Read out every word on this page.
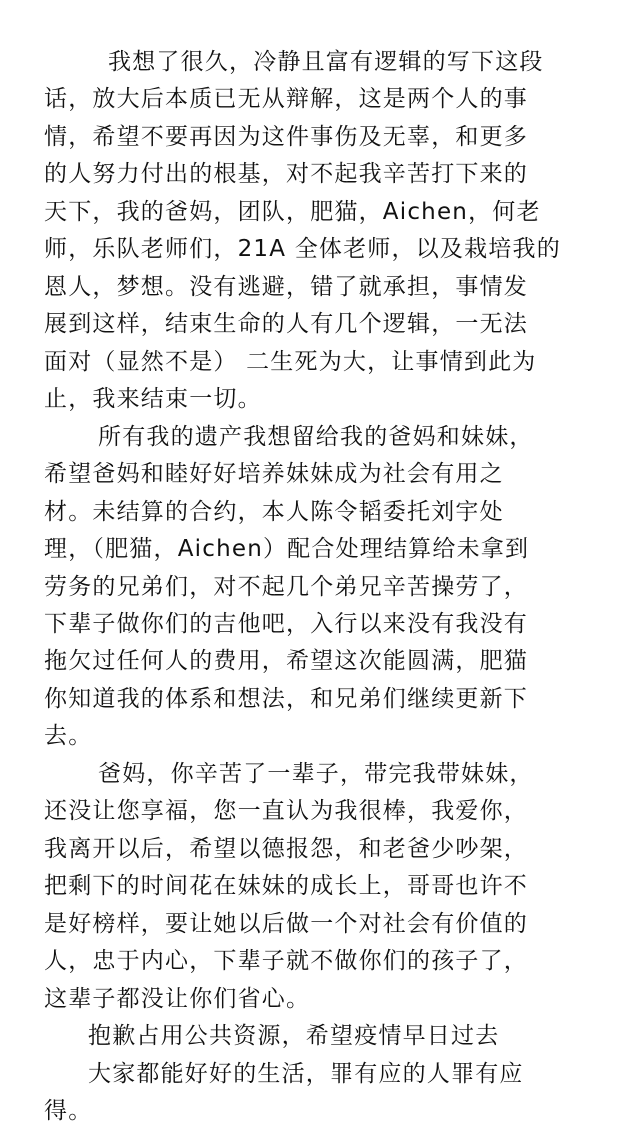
我想了很久，冷静且富有逻辑的写下这段
话，放大后本质已无从辩解，这是两个人的事
情，希望不要再因为这件事伤及无辜，和更多
的人努力付出的根基，对不起我辛苦打下来的
天下，我的爸妈，团队，肥猫，Aichen，何老
师，乐队老师们，21A 全体老师，以及栽培我的
恩人，梦想。没有逃避，错了就承担，事情发
展到这样，结束生命的人有几个逻辑，一无法
面对（显然不是） 二生死为大，让事情到此为
止，我来结束一切。
所有我的遗产我想留给我的爸妈和妹妹，
希望爸妈和睦好好培养妹妹成为社会有用之
材。未结算的合约，本人陈令韬委托刘宇处
理，（肥猫，Aichen）配合处理结算给未拿到
劳务的兄弟们，对不起几个弟兄辛苦操劳了，
下辈子做你们的吉他吧，入行以来没有我没有
拖欠过任何人的费用，希望这次能圆满，肥猫
你知道我的体系和想法，和兄弟们继续更新下
去。
爸妈，你辛苦了一辈子，带完我带妹妹，
还没让您享福，您一直认为我很棒，我爱你，
我离开以后，希望以德报怨，和老爸少吵架，
把剩下的时间花在妹妹的成长上，哥哥也许不
是好榜样，要让她以后做一个对社会有价值的
人，忠于内心，下辈子就不做你们的孩子了，
这辈子都没让你们省心。
抱歉占用公共资源，希望疫情早日过去
大家都能好好的生活，罪有应的人罪有应
得。
